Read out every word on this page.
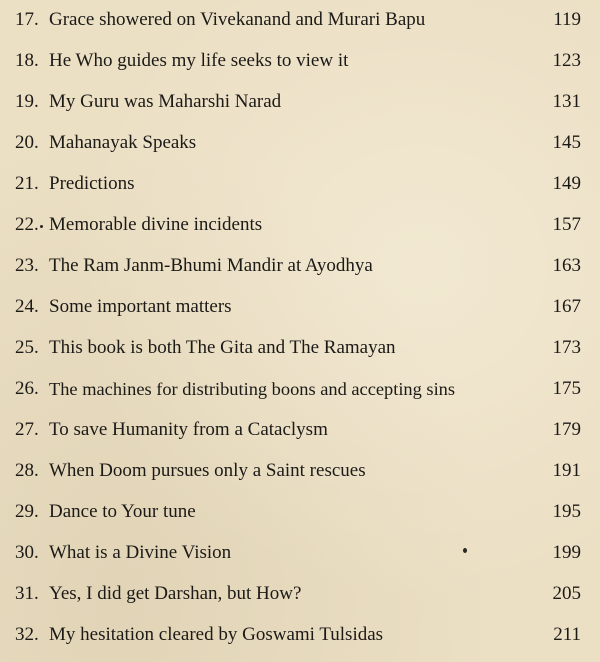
17. Grace showered on Vivekanand and Murari Bapu	119
18. He Who guides my life seeks to view it	123
19. My Guru was Maharshi Narad	131
20. Mahanayak Speaks	145
21. Predictions	149
22. Memorable divine incidents	157
23. The Ram Janm-Bhumi Mandir at Ayodhya	163
24. Some important matters	167
25. This book is both The Gita and The Ramayan	173
26. The machines for distributing boons and accepting sins	175
27. To save Humanity from a Cataclysm	179
28. When Doom pursues only a Saint rescues	191
29. Dance to Your tune	195
30. What is a Divine Vision	199
31. Yes, I did get Darshan, but How?	205
32. My hesitation cleared by Goswami Tulsidas	211
